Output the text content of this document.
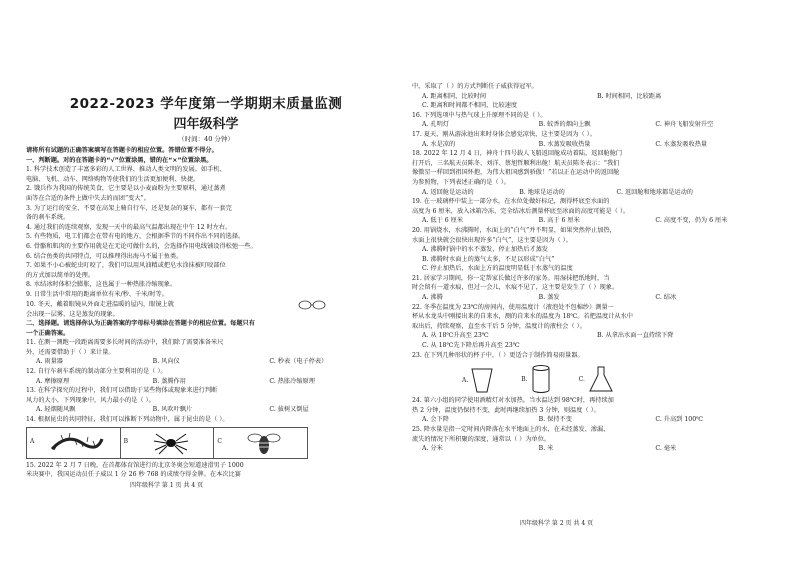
2022-2023 学年度第一学期期末质量监测
四年级科学
（时间：40 分钟）
请将所有试题的正确答案填写在答题卡的相应位置。答错位置不得分。
一、判断题。对的在答题卡的“√”位置涂黑，错的在“×”位置涂黑。
1. 科学技术创造了丰富多彩的人工世界，推动人类文明的发展。如手机、
电脑、飞机、动车、网络购物等使我们的生活更加便利、快捷。
2. 饿兵作为我国的传统美食，它主要是以小麦面粉为主要原料，通过蒸煮
面等在合适的条件上做中失去的而团“变大”。
3. 为了运行的安全，不要在高架上骑自行车，还是复杂的赛车，都有一套完
备的刹车系统。
4. 通过我们的连续观察，发现一天中的最高气温都出现在中午 12 时左右。
5. 有些物质，电工们都会在带有电的地方，会根据季节的不同作出不同的选择。
6. 骨骼和肌肉的主要作用就是在无论可做什么的，会选择作用电线铺设得松弛一些。
6. 结合鱼类的共同特点，可以推理得出海马不属于鱼类。
7. 如果不小心被蛇虫叮咬了，我们可以用风油精或把皂水涂抹被叮咬部位
的方式加以简单的处理。
8. 水结冰时体积会膨胀，这也属于一种热胀冷缩现象。
9. 日常生活中常用的距离单位有米/秒、千米/时等。
10. 冬天，戴着眼镜从外面走进温暖的屋内，眼镜上就
会出现一层雾，这是蒸发的现象。
二、选择题。请选择你认为正确答案的字母标号填涂在答题卡的相应位置。每题只有
一个正确答案。
11. 在测一测跑一段距离需要多长时间的活动中，我们除了需要准备米尺
外，还需要借助于（ ）来计量。
A. 雨量器	B. 风向仪	C. 秒表（电子停表）
12. 自行车刹车系统的制动部分主要利用的是（ ）。
A. 摩擦原理	B. 蒸腾作用	C. 热胀冷缩原理
13. 在科学探究的过程中，我们可以借助于某些物体或现象来进行判断
风力的大小，下列现象中，风力最小的是（ ）。
A. 轻烟随风飘	B. 风吹叶飘片	C. 拔树又倒屋
14. 根据昆虫的共同特征，我们可以推断下列动物中，属于昆虫的是（ ）。
A	B	C
15. 2022 年 2 月 7 日晚，在首都体育馆进行的北京冬奥会短道速滑男子 1000
米决赛中，我国运动员任子威以 1 分 26 秒 768 的成绩夺得金牌。在本次比赛
四年级科学 第 1 页 共 4 页
中，采取了（ ）的方式判断任子威获得冠军。
A. 距离相同，比较时间	B. 时间相同，比较距离
C. 距离和时间都不相同，比较速度
16. 下列选项中与热气球上升原理不同的是（ ）。
A. 孔明灯	B. 蚊香的烟向上飘	C. 神舟飞船发射升空
17. 夏天，刚从游泳池出来时身体会感觉凉快，这主要是因为（ ）。
A. 水是凉的	B. 水蒸发吸收热量	C. 水蒸发吸收热量
18. 2022 年 12 月 4 日，神舟十四号载人飞船返回舱成功着陆，返回舱舱门
打开后，三名航天员陈冬、刘洋、蔡旭哲顺利出舱！航天员陈冬表示：“我们
像微星一样回到祖国怀抱，为伟大祖国感到骄傲！”若以正在运动中的返回舱
为参照物，下列表述正确的是（ ）。
A. 返回舱是运动的	B. 地球是运动的	C. 返回舱和地球都是运动的
19. 在一玻璃杯中装上一部分水，在水位处做好标记，测得杯底至水面的
高度为 6 厘米，放入冰箱冷冻，完全结冰后测量杯底至冰面的高度可能是（ ）。
A. 低于 6 厘米	B. 高于 6 厘米	C. 高度不变，仍为 6 厘米
20. 用锅烧水，水沸腾时，水面上的“白气”并不明显，如果突然停止加热，
水面上很快就会很快出现许多“白气”，这主要是因为（ ）。
A. 沸腾时锅中的水不蒸发，停止加热后才蒸发
B. 沸腾时水面上的蒸气太多，不足以形成“白气”
C. 停止加热后，水面上方的温度明显低于水蒸气的温度
21. 居家学习期间，你一定帮家长做过许多的家务。用湿抹把纸地时，当
时会留有一道水痕，但过一会儿，水痕不见了，这主要是发生了（ ）现象。
A. 沸腾	B. 蒸发	C. 结冰
22. 冬季在温度为 23℃的房间内，使用温度计（液泡处不包棉纱）测量一
杯从水龙头中刚接出来的自来水，测的自来水的温度为 18℃。若把温度计从水中
取出后，持续观察，直至水干后 5 分钟，温度计的液柱会（ ）。
A. 从 18℃升高至 23℃	B. 从拿出水面一直持续下降
C. 从 18℃先下降后再升高至 23℃
23. 在下列几种形状的杯子中，（ ）更适合于制作简易雨量器。
A.	B.	C.
24. 第六小组的同学使用酒精灯对水加热。当水温达到 98℃时，再持续加
热 2 分钟，温度仍保持不变，此时再继续加热 3 分钟，则温度（ ）。
A. 会下降	B. 保持不变	C. 升高到 100℃
25. 降水量是指一定时间内降落在水平地面上的水，在未经蒸发、渗漏、
流失的情况下所积聚的深度，通常以（ ）为单位。
A. 分米	B. 米	C. 毫米
四年级科学 第 2 页 共 4 页
